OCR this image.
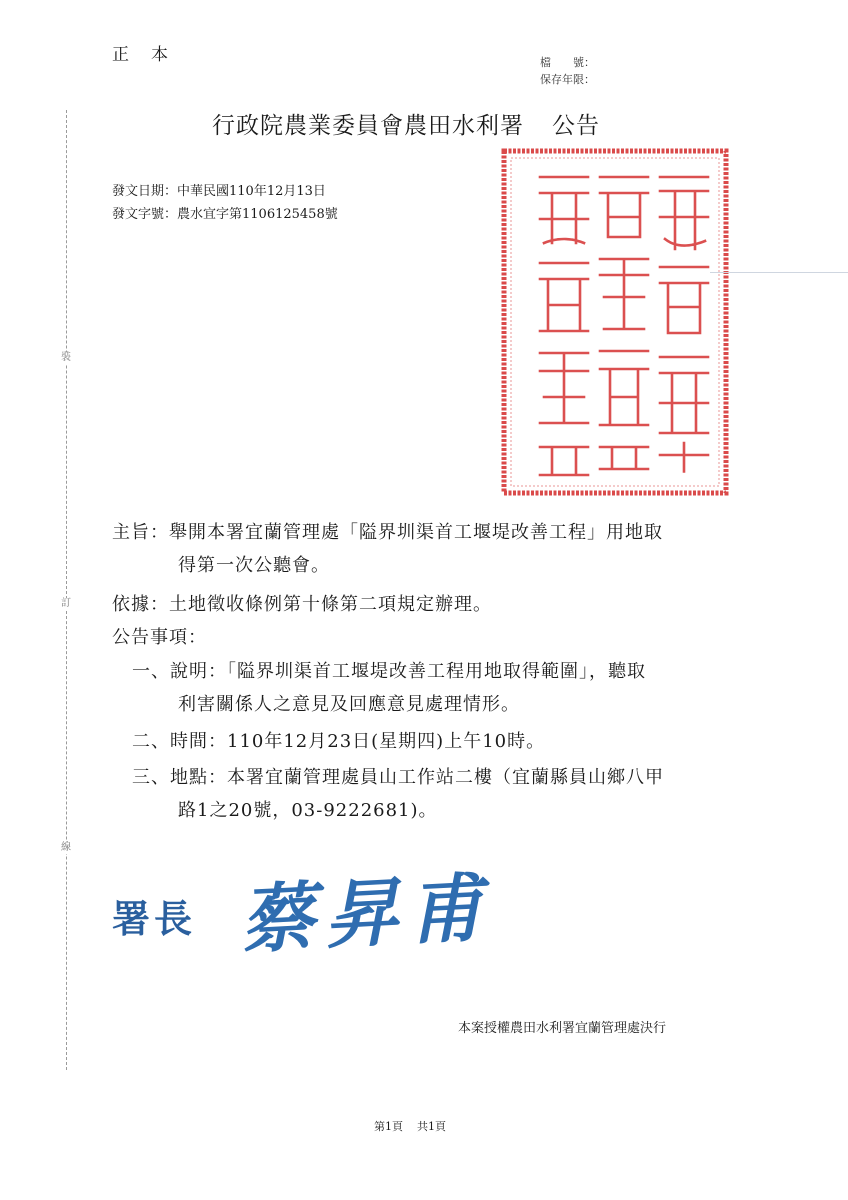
正本	檔　　號：
保存年限：
裝
訂
線
行政院農業委員會農田水利署 公告
發文日期：中華民國110年12月13日
發文字號：農水宜字第1106125458號
主旨：舉開本署宜蘭管理處「隘界圳渠首工堰堤改善工程」用地取
得第一次公聽會。
依據：土地徵收條例第十條第二項規定辦理。
公告事項：
一、說明：「隘界圳渠首工堰堤改善工程用地取得範圍」，聽取
利害關係人之意見及回應意見處理情形。
二、時間：110年12月23日(星期四)上午10時。
三、地點：本署宜蘭管理處員山工作站二樓（宜蘭縣員山鄉八甲
路1之20號，03-9222681)。
署長 蔡昇甫
本案授權農田水利署宜蘭管理處決行
第1頁 共1頁
